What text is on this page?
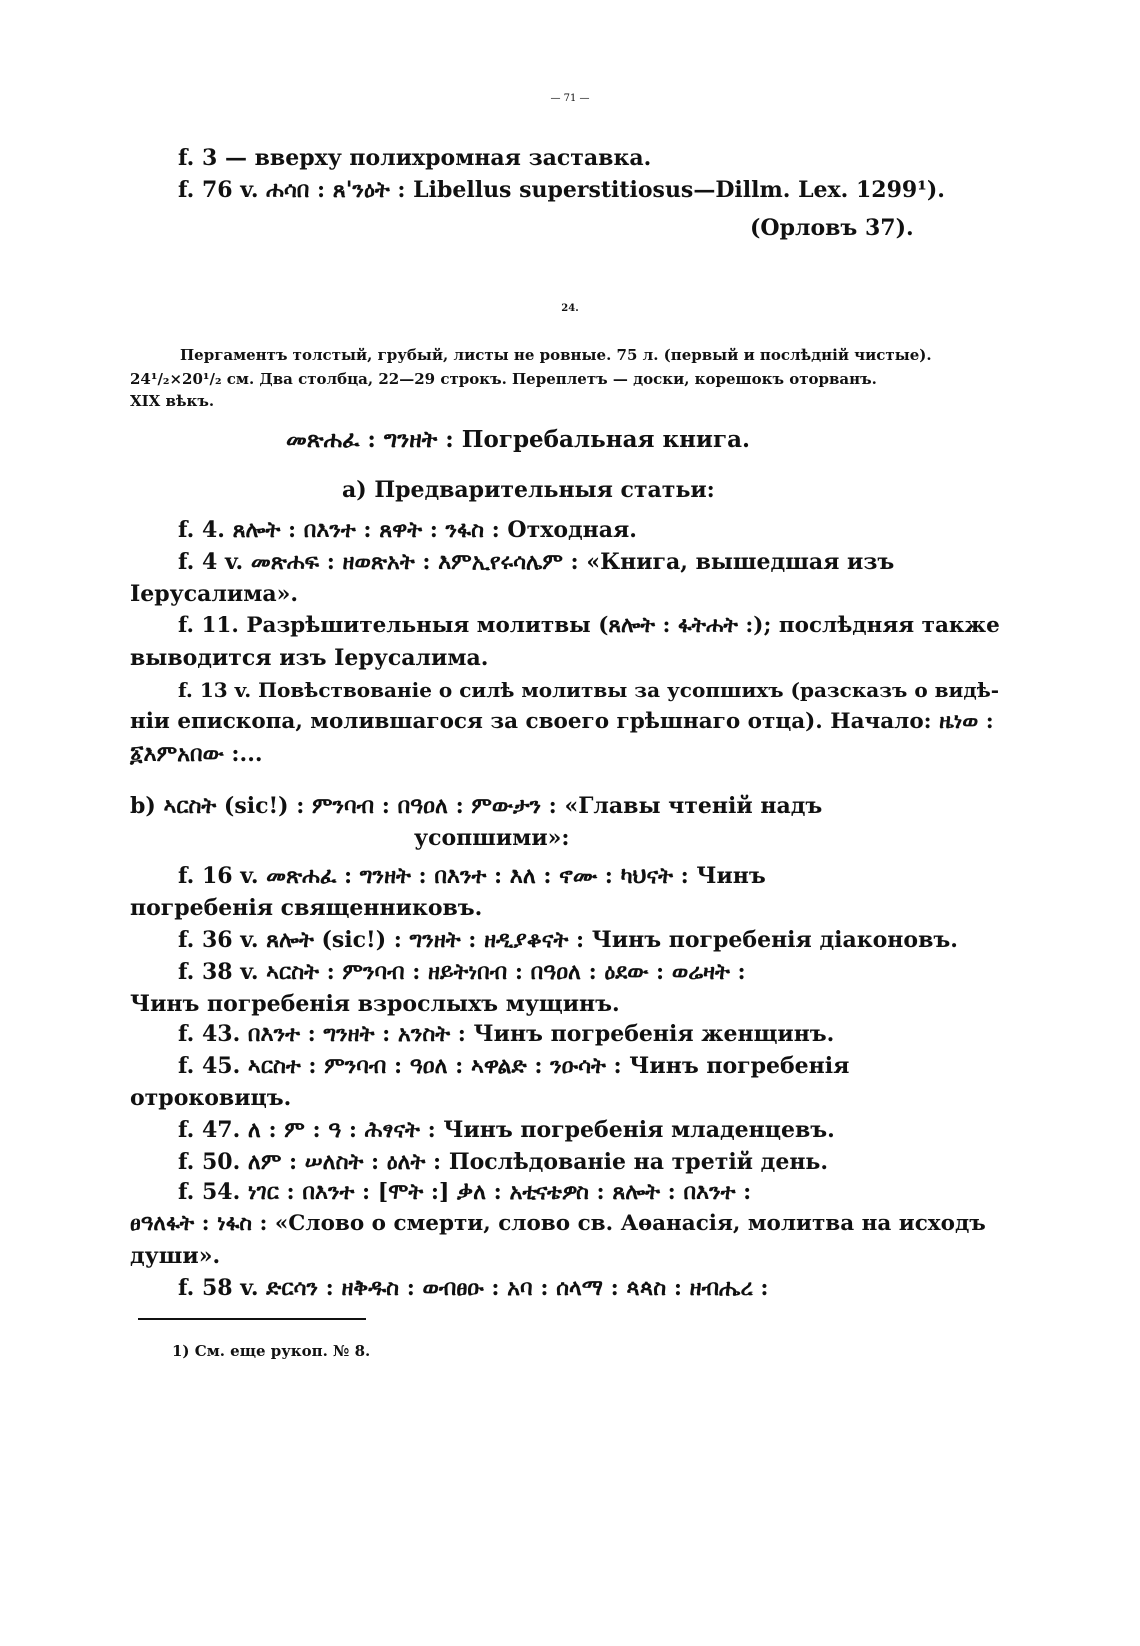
— 71 —
f. 3 — вверху полихромная заставка.
f. 76 v. ሐሳበ : ጸ'ንዕት : Libellus superstitiosus—Dillm. Lex. 1299¹).
(Орловъ 37).
24.
Пергаментъ толстый, грубый, листы не ровные. 75 л. (первый и послѣдній чистые).
24¹/₂×20¹/₂ см. Два столбца, 22—29 строкъ. Переплетъ — доски, корешокъ оторванъ.
XIX вѣкъ.
መጽሐፈ : ግንዘት : Погребальная книга.
a) Предварительныя статьи:
f. 4. ጸሎት : በእንተ : ጸዋት : ንፋስ : Отходная.
f. 4 v. መጽሐፍ : ዘወጽአት : እምኢየሩሳሌም : «Книга, вышедшая изъ
Іерусалима».
f. 11. Разрѣшительныя молитвы (ጸሎት : ፋትሐት :); послѣдняя также
выводится изъ Іерусалима.
f. 13 v. Повѣствованіе о силѣ молитвы за усопшихъ (разсказъ о видѣ-
ніи епископа, молившагося за своего грѣшнаго отца). Начало: ዜነወ :
፩እምአበው :...
b) ኣርስት (sic!) : ምንባብ : በዓዐለ : ምውታን : «Главы чтеній надъ
усопшими»:
f. 16 v. መጽሐፈ : ግንዘት : በእንተ : እለ : ኖሙ : ካህናት : Чинъ
погребенія священниковъ.
f. 36 v. ጸሎት (sic!) : ግንዘት : ዘዲያቆናት : Чинъ погребенія діаконовъ.
f. 38 v. ኣርስት : ምንባብ : ዘይትነበብ : በዓዐለ : ዕደው : ወሬዛት :
Чинъ погребенія взрослыхъ мущинъ.
f. 43. በእንተ : ግንዘት : አንስት : Чинъ погребенія женщинъ.
f. 45. ኣርስተ : ምንባብ : ዓዐለ : ኣዋልድ : ንዑሳት : Чинъ погребенія
отроковицъ.
f. 47. ለ : ም : ዓ : ሕፃናት : Чинъ погребенія младенцевъ.
f. 50. ለም : ሠለስት : ዕለት : Послѣдованіе на третій день.
f. 54. ነገር : በእንተ : [ሞት :] ቃለ : አቲናቴዎስ : ጸሎት : በእንተ :
ፀዓለፋት : ነፋስ : «Слово о смерти, слово св. Аѳанасія, молитва на исходъ
души».
f. 58 v. ድርሳን : ዘቅዱስ : ወብፀዑ : አባ : ሰላማ : ጳጳስ : ዘብሔረ :
1) См. еще рукоп. № 8.
